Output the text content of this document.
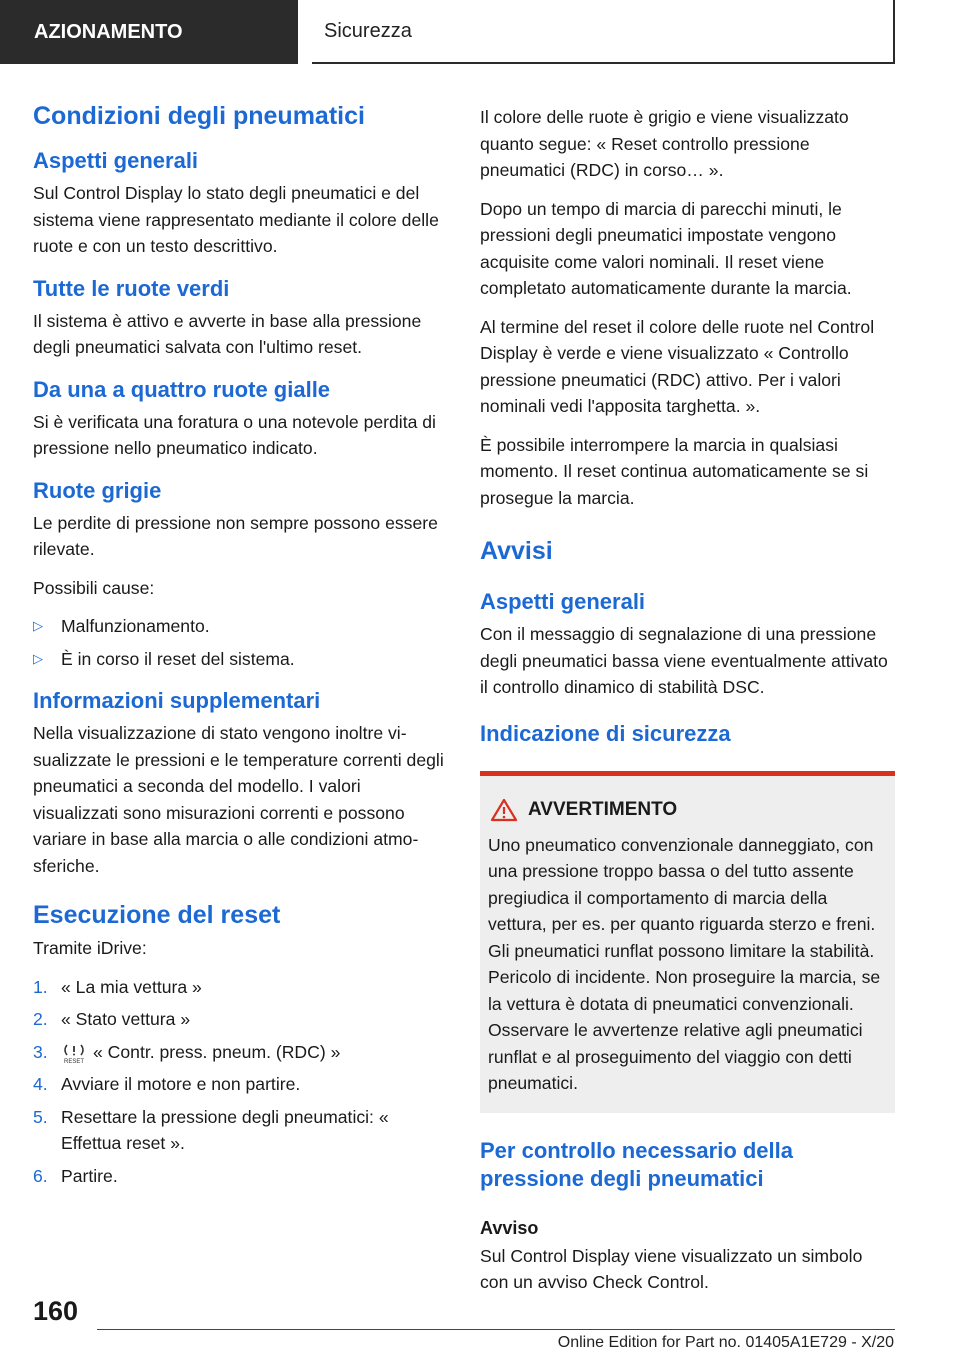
AZIONAMENTO	Sicurezza
Condizioni degli pneumatici
Aspetti generali

Sul Control Display lo stato degli pneumatici e del sistema viene rappresentato mediante il colore delle ruote e con un testo descrittivo.

Tutte le ruote verdi

Il sistema è attivo e avverte in base alla pressione degli pneumatici salvata con l'ultimo reset.

Da una a quattro ruote gialle

Si è verificata una foratura o una notevole perdita di pressione nello pneumatico indicato.

Ruote grigie

Le perdite di pressione non sempre possono essere rilevate.

Possibili cause:

▷ Malfunzionamento.
▷ È in corso il reset del sistema.
Informazioni supplementari

Nella visualizzazione di stato vengono inoltre visualizzate le pressioni e le temperature correnti degli pneumatici a seconda del modello. I valori visualizzati sono misurazioni correnti e possono variare in base alla marcia o alle condizioni atmosferiche.

Esecuzione del reset

Tramite iDrive:

1. « La mia vettura »
2. « Stato vettura »
3.
RESET
« Contr. press. pneum. (RDC) »
4. Avviare il motore e non partire.
5. Resettare la pressione degli pneumatici: « Effettua reset ».
6. Partire.

Il colore delle ruote è grigio e viene visualizzato quanto segue: « Reset controllo pressione pneumatici (RDC) in corso… ».

Dopo un tempo di marcia di parecchi minuti, le pressioni degli pneumatici impostate vengono acquisite come valori nominali. Il reset viene completato automaticamente durante la marcia.

Al termine del reset il colore delle ruote nel Control Display è verde e viene visualizzato « Controllo pressione pneumatici (RDC) attivo. Per i valori nominali vedi l'apposita targhetta. ».

È possibile interrompere la marcia in qualsiasi momento. Il reset continua automaticamente se si prosegue la marcia.

Avvisi
Aspetti generali

Con il messaggio di segnalazione di una pressione degli pneumatici bassa viene eventualmente attivato il controllo dinamico di stabilità DSC.

Indicazione di sicurezza
AVVERTIMENTO

Uno pneumatico convenzionale danneggiato, con una pressione troppo bassa o del tutto assente pregiudica il comportamento di marcia della vettura, per es. per quanto riguarda sterzo e freni. Gli pneumatici runflat possono limitare la stabilità. Pericolo di incidente. Non proseguire la marcia, se la vettura è dotata di pneumatici convenzionali. Osservare le avvertenze relative agli pneumatici runflat e al proseguimento del viaggio con detti pneumatici.

Per controllo necessario della pressione degli pneumatici
Avviso

Sul Control Display viene visualizzato un simbolo con un avviso Check Control.

160
Online Edition for Part no. 01405A1E729 - X/20
